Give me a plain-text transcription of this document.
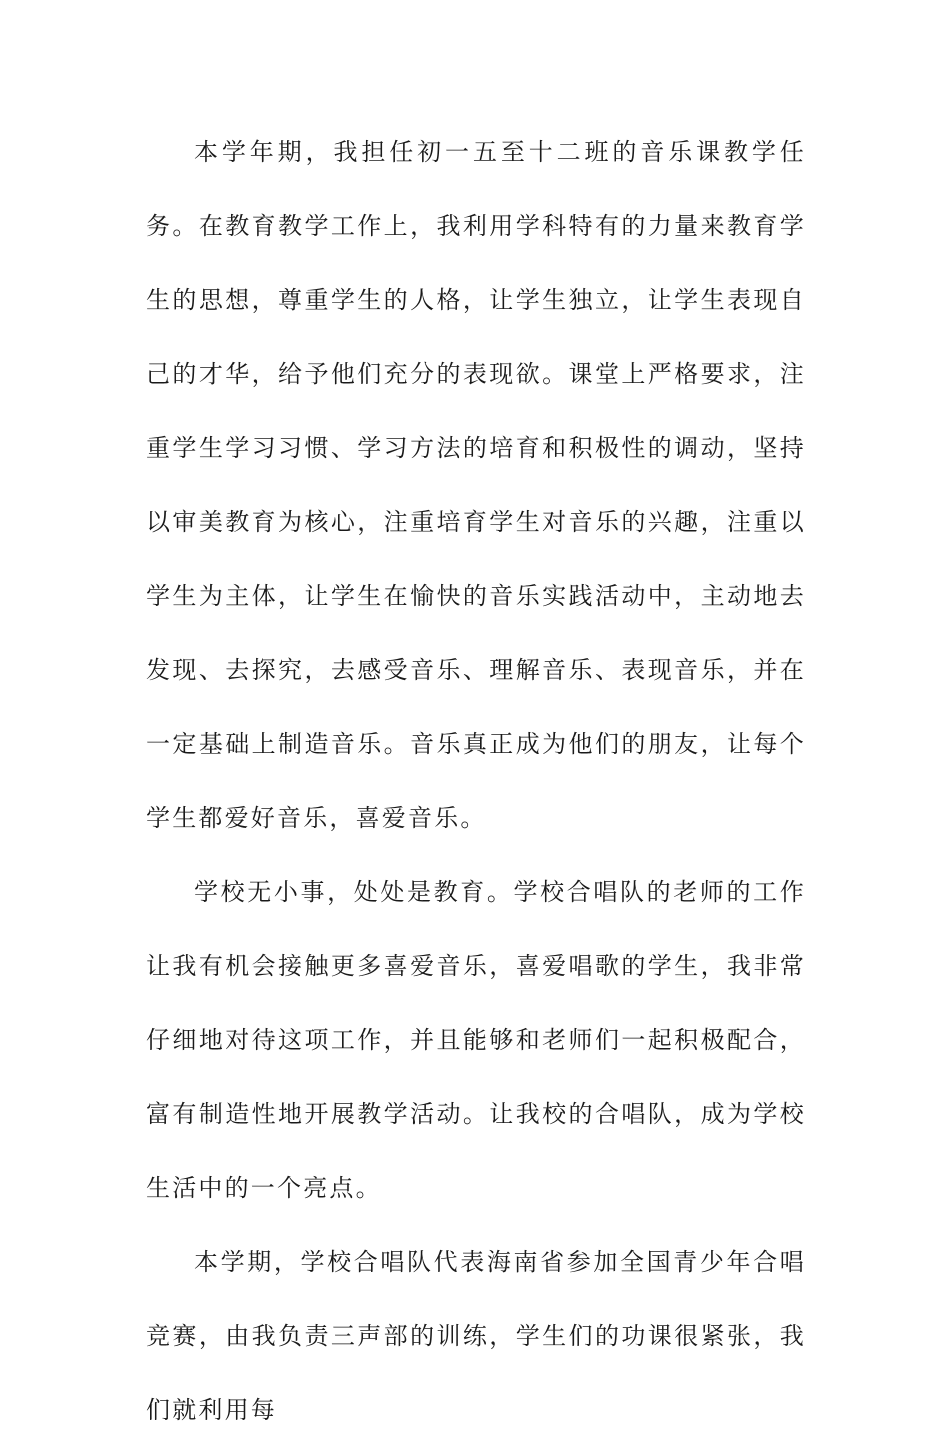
本学年期，我担任初一五至十二班的音乐课教学任务。在教育教学工作上，我利用学科特有的力量来教育学生的思想，尊重学生的人格，让学生独立，让学生表现自己的才华，给予他们充分的表现欲。课堂上严格要求，注重学生学习习惯、学习方法的培育和积极性的调动，坚持以审美教育为核心，注重培育学生对音乐的兴趣，注重以学生为主体，让学生在愉快的音乐实践活动中，主动地去发现、去探究，去感受音乐、理解音乐、表现音乐，并在一定基础上制造音乐。音乐真正成为他们的朋友，让每个学生都爱好音乐，喜爱音乐。

学校无小事，处处是教育。学校合唱队的老师的工作让我有机会接触更多喜爱音乐，喜爱唱歌的学生，我非常仔细地对待这项工作，并且能够和老师们一起积极配合，富有制造性地开展教学活动。让我校的合唱队，成为学校生活中的一个亮点。

本学期，学校合唱队代表海南省参加全国青少年合唱竞赛，由我负责三声部的训练，学生们的功课很紧张，我们就利用每
